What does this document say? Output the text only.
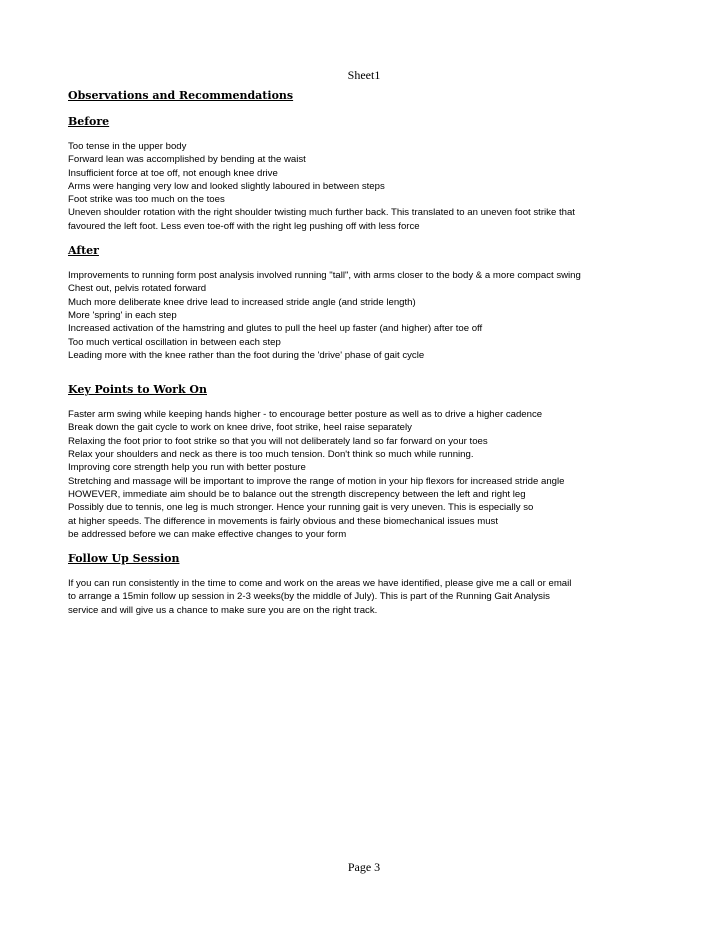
Sheet1
Observations and Recommendations
Before
Too tense in the upper body
Forward lean was accomplished by bending at the waist
Insufficient force at toe off, not enough knee drive
Arms were hanging very low and looked slightly laboured in between steps
Foot strike was too much on the toes
Uneven shoulder rotation with the right shoulder twisting much further back. This translated to an uneven foot strike that
favoured the left foot. Less even toe-off with the right leg pushing off with less force
After
Improvements to running form post analysis involved running "tall", with arms closer to the body & a more compact swing
Chest out, pelvis rotated forward
Much more deliberate knee drive lead to increased stride angle (and stride length)
More 'spring' in each step
Increased activation of the hamstring and glutes to pull the heel up faster (and higher) after toe off
Too much vertical oscillation in between each step
Leading more with the knee rather than the foot during the 'drive' phase of gait cycle
Key Points to Work On
Faster arm swing while keeping hands higher - to encourage better posture as well as to drive a higher cadence
Break down the gait cycle to work on knee drive, foot strike, heel raise separately
Relaxing the foot prior to foot strike so that you will not deliberately land so far forward on your toes
Relax your shoulders and neck as there is too much tension. Don't think so much while running.
Improving core strength help you run with better posture
Stretching and massage will be important to improve the range of motion in your hip flexors for increased stride angle
HOWEVER, immediate aim should be to balance out the strength discrepency between the left and right leg
Possibly due to tennis, one leg is much stronger. Hence your running gait is very uneven. This is especially so
at higher speeds. The difference in movements is fairly obvious and these biomechanical issues must
be addressed before we can make effective changes to your form
Follow Up Session
If you can run consistently in the time to come and work on the areas we have identified, please give me a call or email
to arrange a 15min follow up session in 2-3 weeks(by the middle of July). This is part of the Running Gait Analysis
service and will give us a chance to make sure you are on the right track.
Page 3
